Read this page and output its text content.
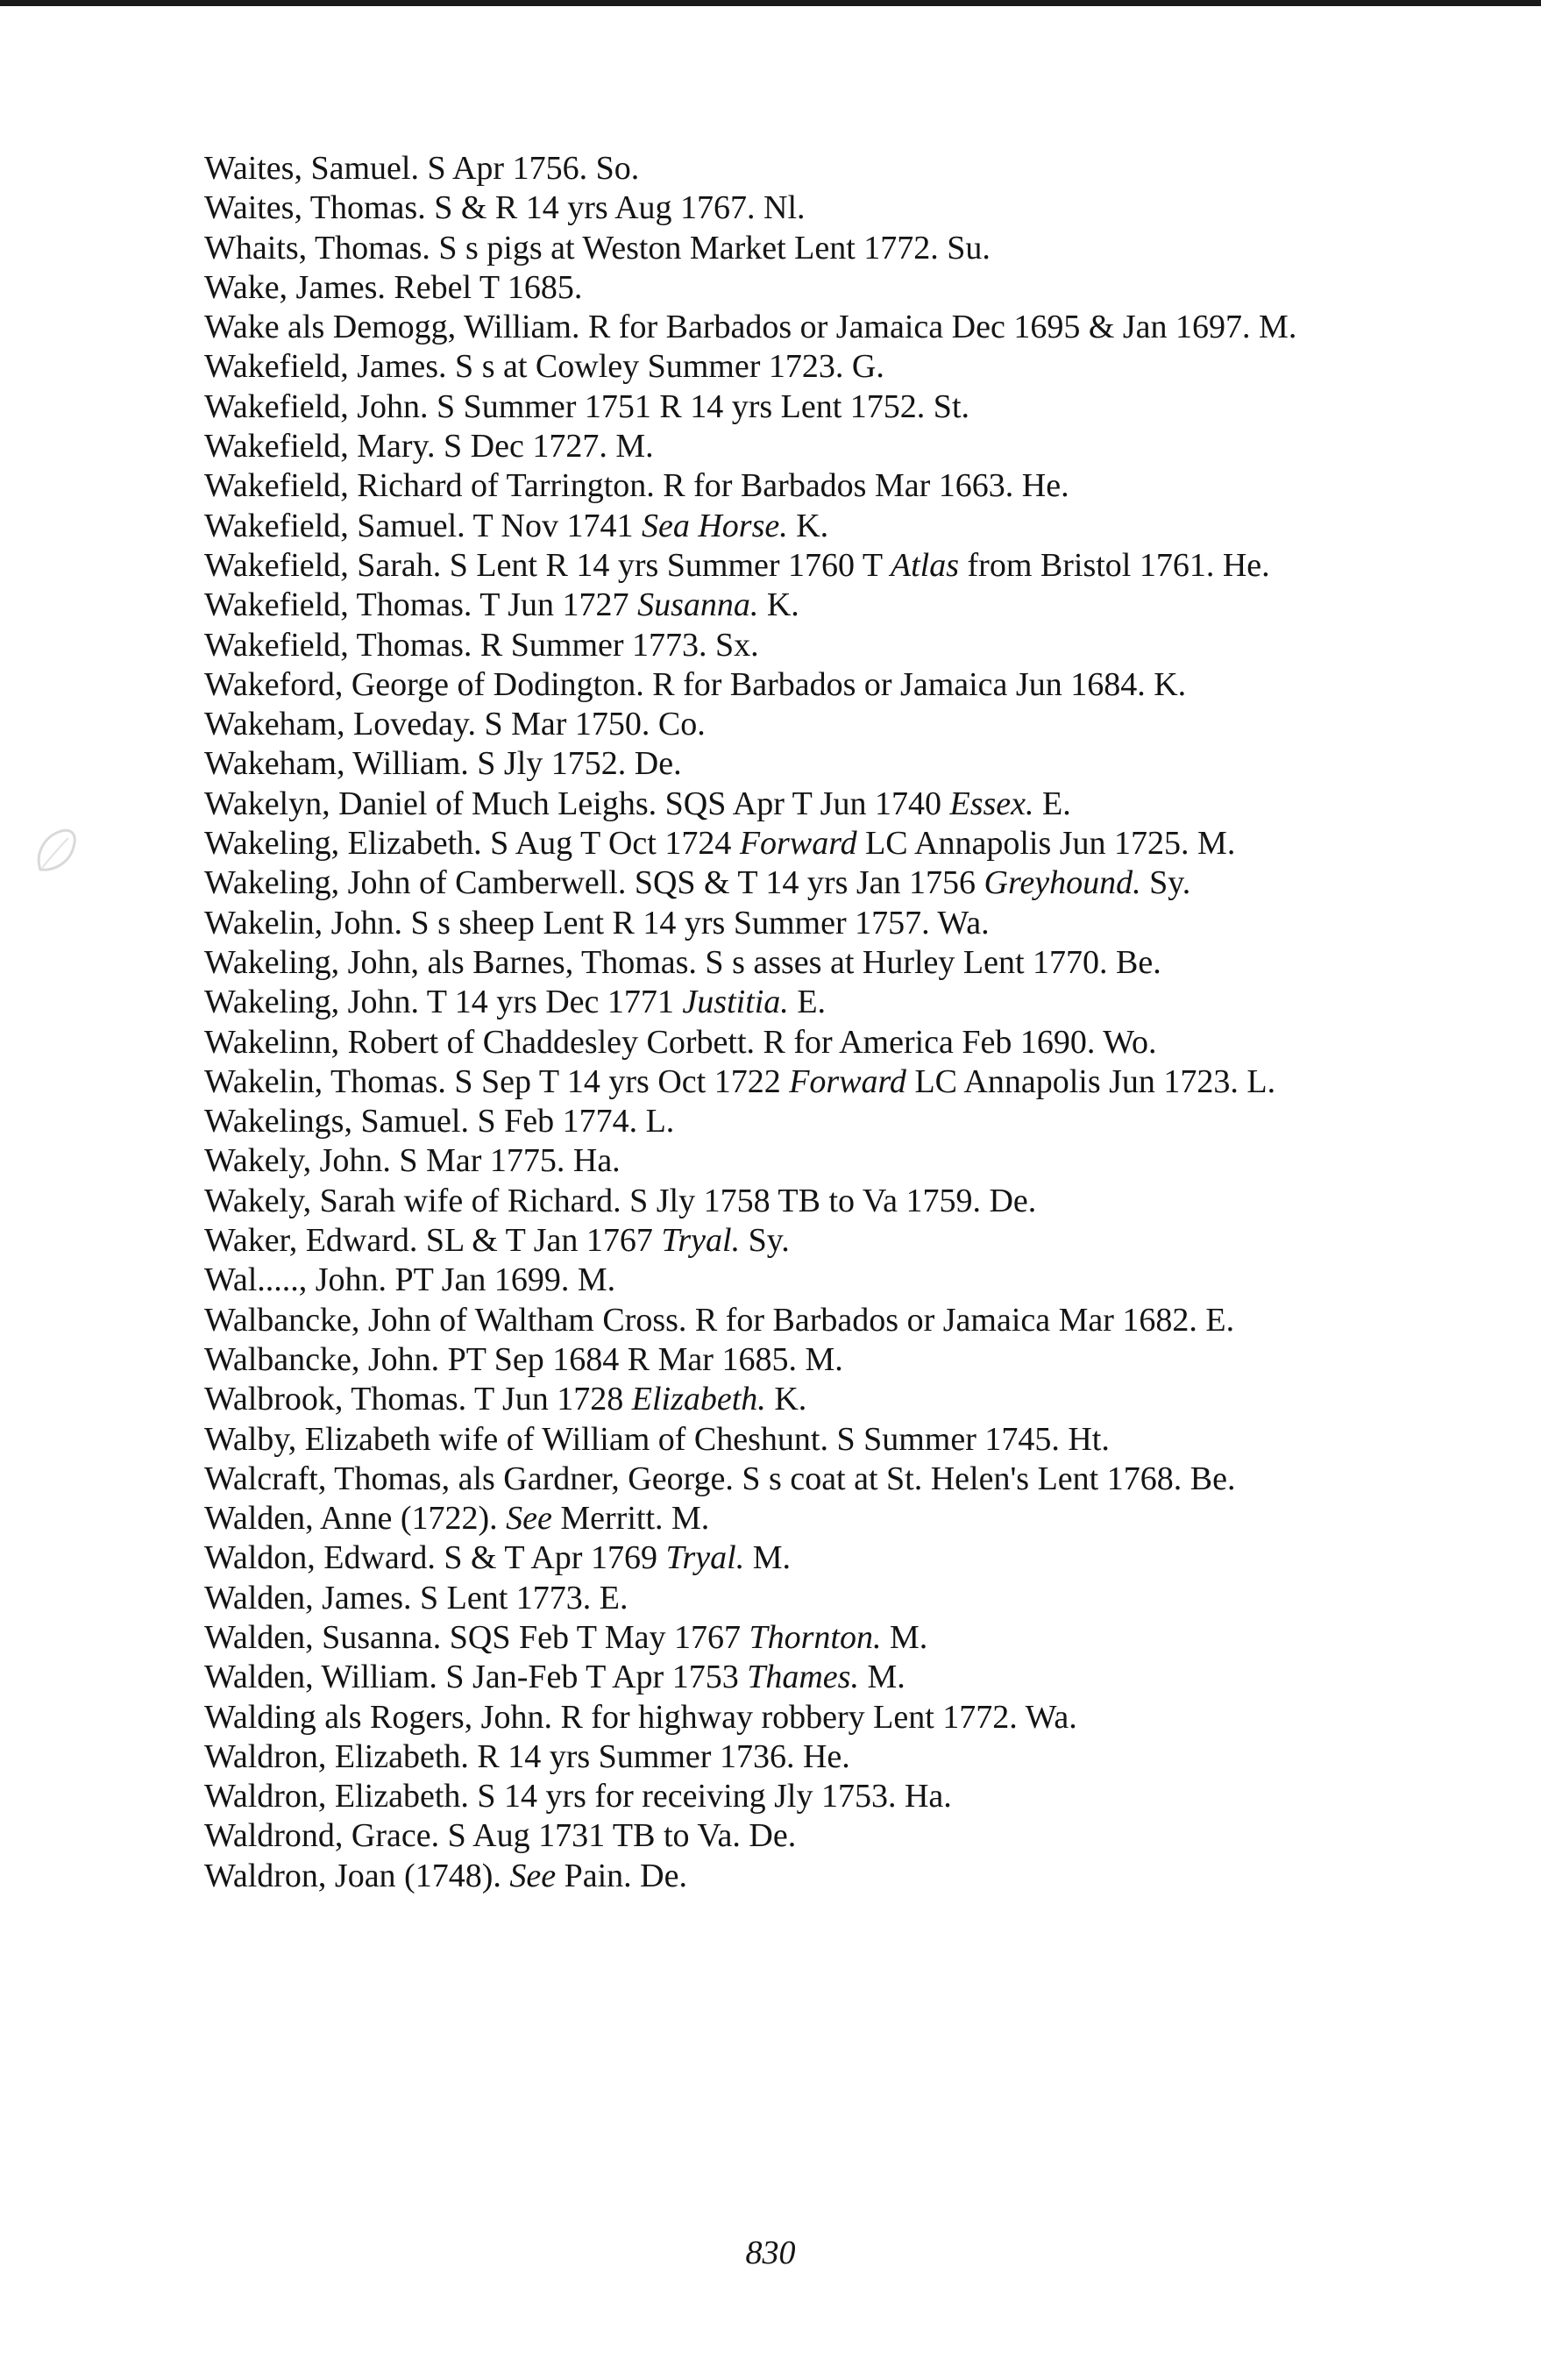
Waites, Samuel. S Apr 1756. So.

Waites, Thomas. S & R 14 yrs Aug 1767. Nl.

Whaits, Thomas. S s pigs at Weston Market Lent 1772. Su.

Wake, James. Rebel T 1685.

Wake als Demogg, William. R for Barbados or Jamaica Dec 1695 & Jan 1697. M.

Wakefield, James. S s at Cowley Summer 1723. G.

Wakefield, John. S Summer 1751 R 14 yrs Lent 1752. St.

Wakefield, Mary. S Dec 1727. M.

Wakefield, Richard of Tarrington. R for Barbados Mar 1663. He.

Wakefield, Samuel. T Nov 1741 Sea Horse. K.

Wakefield, Sarah. S Lent R 14 yrs Summer 1760 T Atlas from Bristol 1761. He.

Wakefield, Thomas. T Jun 1727 Susanna. K.

Wakefield, Thomas. R Summer 1773. Sx.

Wakeford, George of Dodington. R for Barbados or Jamaica Jun 1684. K.

Wakeham, Loveday. S Mar 1750. Co.

Wakeham, William. S Jly 1752. De.

Wakelyn, Daniel of Much Leighs. SQS Apr T Jun 1740 Essex. E.

Wakeling, Elizabeth. S Aug T Oct 1724 Forward LC Annapolis Jun 1725. M.

Wakeling, John of Camberwell. SQS & T 14 yrs Jan 1756 Greyhound. Sy.

Wakelin, John. S s sheep Lent R 14 yrs Summer 1757. Wa.

Wakeling, John, als Barnes, Thomas. S s asses at Hurley Lent 1770. Be.

Wakeling, John. T 14 yrs Dec 1771 Justitia. E.

Wakelinn, Robert of Chaddesley Corbett. R for America Feb 1690. Wo.

Wakelin, Thomas. S Sep T 14 yrs Oct 1722 Forward LC Annapolis Jun 1723. L.

Wakelings, Samuel. S Feb 1774. L.

Wakely, John. S Mar 1775. Ha.

Wakely, Sarah wife of Richard. S Jly 1758 TB to Va 1759. De.

Waker, Edward. SL & T Jan 1767 Tryal. Sy.

Wal....., John. PT Jan 1699. M.

Walbancke, John of Waltham Cross. R for Barbados or Jamaica Mar 1682. E.

Walbancke, John. PT Sep 1684 R Mar 1685. M.

Walbrook, Thomas. T Jun 1728 Elizabeth. K.

Walby, Elizabeth wife of William of Cheshunt. S Summer 1745. Ht.

Walcraft, Thomas, als Gardner, George. S s coat at St. Helen's Lent 1768. Be.

Walden, Anne (1722). See Merritt. M.

Waldon, Edward. S & T Apr 1769 Tryal. M.

Walden, James. S Lent 1773. E.

Walden, Susanna. SQS Feb T May 1767 Thornton. M.

Walden, William. S Jan-Feb T Apr 1753 Thames. M.

Walding als Rogers, John. R for highway robbery Lent 1772. Wa.

Waldron, Elizabeth. R 14 yrs Summer 1736. He.

Waldron, Elizabeth. S 14 yrs for receiving Jly 1753. Ha.

Waldrond, Grace. S Aug 1731 TB to Va. De.

Waldron, Joan (1748). See Pain. De.

830
